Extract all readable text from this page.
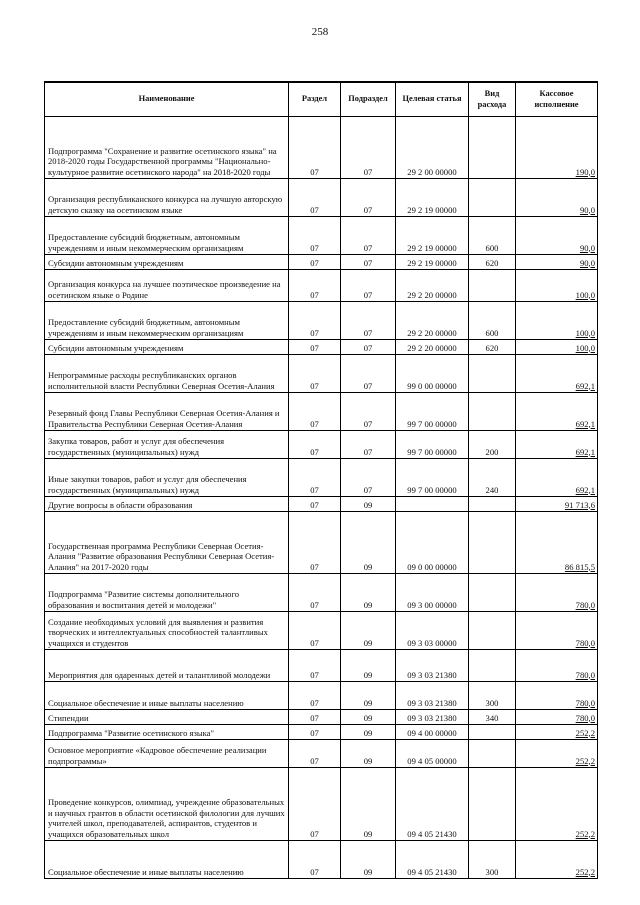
258
Наименование	Раздел	Подраздел	Целевая статья	Вид расхода	Кассовое исполнение
Подпрограмма "Сохранение и развитие осетинского языка" на 2018-2020 годы Государственной программы "Национально-культурное развитие осетинского народа" на 2018-2020 годы	07	07	29 2 00 00000		190,0
Организация республиканского конкурса на лучшую авторскую детскую сказку на осетинском языке	07	07	29 2 19 00000		90,0
Предоставление субсидий бюджетным, автономным учреждениям и иным некоммерческим организациям	07	07	29 2 19 00000	600	90,0
Субсидии автономным учреждениям	07	07	29 2 19 00000	620	90,0
Организация конкурса на лучшее поэтическое произведение на осетинском языке о Родине	07	07	29 2 20 00000		100,0
Предоставление субсидий бюджетным, автономным учреждениям и иным некоммерческим организациям	07	07	29 2 20 00000	600	100,0
Субсидии автономным учреждениям	07	07	29 2 20 00000	620	100,0
Непрограммные расходы республиканских органов исполнительной власти Республики Северная Осетия-Алания	07	07	99 0 00 00000		692,1
Резервный фонд Главы Республики Северная Осетия-Алания и Правительства Республики Северная Осетия-Алания	07	07	99 7 00 00000		692,1
Закупка товаров, работ и услуг для обеспечения государственных (муниципальных) нужд	07	07	99 7 00 00000	200	692,1
Иные закупки товаров, работ и услуг для обеспечения государственных (муниципальных) нужд	07	07	99 7 00 00000	240	692,1
Другие вопросы в области образования	07	09			91 713,6
Государственная программа Республики Северная Осетия-Алания "Развитие образования Республики Северная Осетия-Алания" на 2017-2020 годы	07	09	09 0 00 00000		86 815,5
Подпрограмма "Развитие системы дополнительного образования и воспитания детей и молодежи"	07	09	09 3 00 00000		780,0
Создание необходимых условий для выявления и развития творческих и интеллектуальных способностей талантливых учащихся и студентов	07	09	09 3 03 00000		780,0
Мероприятия для одаренных детей и талантливой молодежи	07	09	09 3 03 21380		780,0
Социальное обеспечение и иные выплаты населению	07	09	09 3 03 21380	300	780,0
Стипендии	07	09	09 3 03 21380	340	780,0
Подпрограмма "Развитие осетинского языка"	07	09	09 4 00 00000		252,2
Основное мероприятие «Кадровое обеспечение реализации подпрограммы»	07	09	09 4 05 00000		252,2
Проведение конкурсов, олимпиад, учреждение образовательных и научных грантов в области осетинской филологии для лучших учителей школ, преподавателей, аспирантов, студентов и учащихся образовательных школ	07	09	09 4 05 21430		252,2
Социальное обеспечение и иные выплаты населению	07	09	09 4 05 21430	300	252,2
